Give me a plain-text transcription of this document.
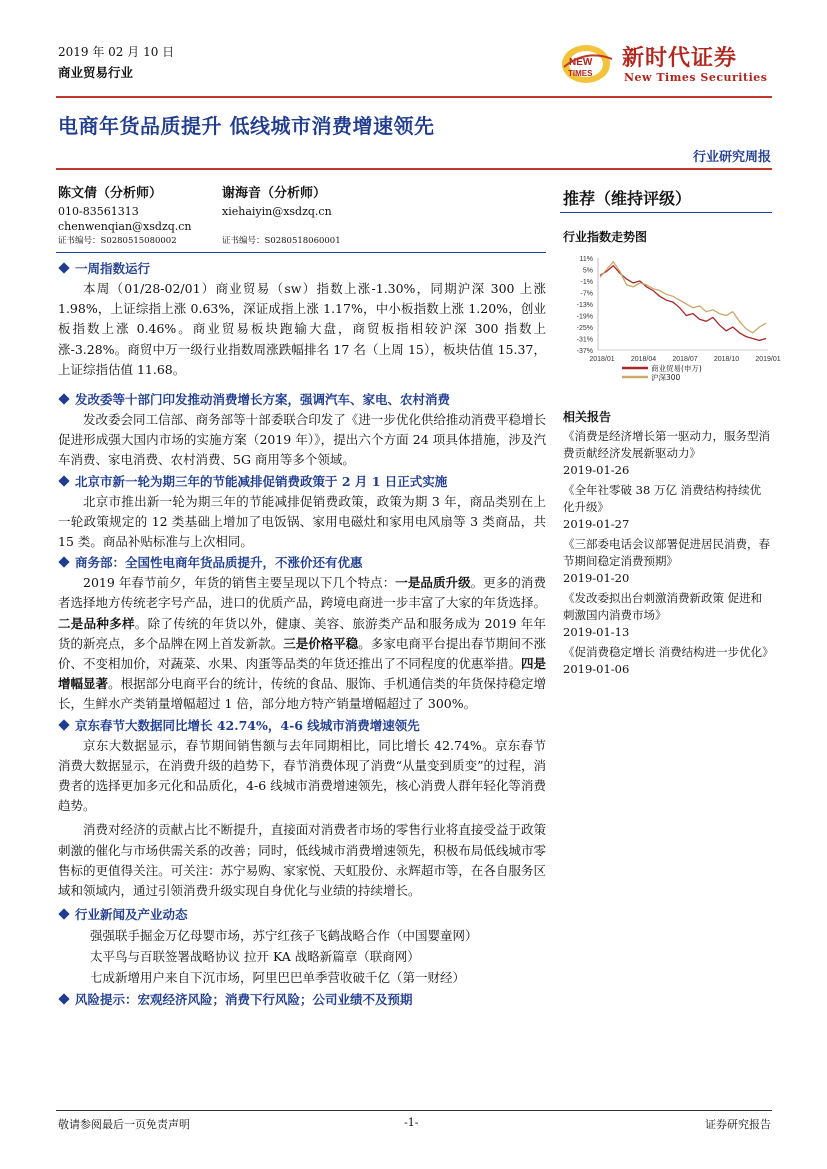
2019 年 02 月 10 日
商业贸易行业
NEW
TIMES
新时代证券
New Times Securities
电商年货品质提升 低线城市消费增速领先
行业研究周报
陈文倩（分析师）
010-83561313
chenwenqian@xsdzq.cn
证书编号：S0280515080002
谢海音（分析师）
xiehaiyin@xsdzq.cn
证书编号：S0280518060001
一周指数运行
本周（01/28-02/01）商业贸易（sw）指数上涨-1.30%，同期沪深 300 上涨 1.98%，上证综指上涨 0.63%，深证成指上涨 1.17%，中小板指数上涨 1.20%，创业板指数上涨 0.46%。商业贸易板块跑输大盘，商贸板指相较沪深 300 指数上涨-3.28%。商贸中万一级行业指数周涨跌幅排名 17 名（上周 15），板块估值 15.37，上证综指估值 11.68。
发改委等十部门印发推动消费增长方案，强调汽车、家电、农村消费
发改委会同工信部、商务部等十部委联合印发了《进一步优化供给推动消费平稳增长促进形成强大国内市场的实施方案（2019 年）》，提出六个方面 24 项具体措施，涉及汽车消费、家电消费、农村消费、5G 商用等多个领域。
北京市新一轮为期三年的节能减排促销费政策于 2 月 1 日正式实施
北京市推出新一轮为期三年的节能减排促销费政策，政策为期 3 年，商品类别在上一轮政策规定的 12 类基础上增加了电饭锅、家用电磁灶和家用电风扇等 3 类商品，共 15 类。商品补贴标准与上次相同。
商务部：全国性电商年货品质提升，不涨价还有优惠
2019 年春节前夕，年货的销售主要呈现以下几个特点：一是品质升级。更多的消费者选择地方传统老字号产品，进口的优质产品，跨境电商进一步丰富了大家的年货选择。二是品种多样。除了传统的年货以外，健康、美容、旅游类产品和服务成为 2019 年年货的新亮点，多个品牌在网上首发新款。三是价格平稳。多家电商平台提出春节期间不涨价、不变相加价，对蔬菜、水果、肉蛋等品类的年货还推出了不同程度的优惠举措。四是增幅显著。根据部分电商平台的统计，传统的食品、服饰、手机通信类的年货保持稳定增长，生鲜水产类销量增幅超过 1 倍，部分地方特产销量增幅超过了 300%。
京东春节大数据同比增长 42.74%，4-6 线城市消费增速领先
京东大数据显示，春节期间销售额与去年同期相比，同比增长 42.74%。京东春节消费大数据显示，在消费升级的趋势下，春节消费体现了消费“从量变到质变”的过程，消费者的选择更加多元化和品质化，4-6 线城市消费增速领先，核心消费人群年轻化等消费趋势。
消费对经济的贡献占比不断提升，直接面对消费者市场的零售行业将直接受益于政策刺激的催化与市场供需关系的改善；同时，低线城市消费增速领先，积极布局低线城市零售标的更值得关注。可关注：苏宁易购、家家悦、天虹股份、永辉超市等，在各自服务区域和领域内，通过引领消费升级实现自身优化与业绩的持续增长。
行业新闻及产业动态
强强联手掘金万亿母婴市场，苏宁红孩子飞鹤战略合作（中国婴童网）
太平鸟与百联签署战略协议 拉开 KA 战略新篇章（联商网）
七成新增用户来自下沉市场，阿里巴巴单季营收破千亿（第一财经）
风险提示：宏观经济风险；消费下行风险；公司业绩不及预期
推荐（维持评级）
行业指数走势图
11%
5%
-1%
-7%
-13%
-19%
-25%
-31%
-37%
2018/01 2018/04 2018/07 2018/10 2019/01
商业贸易(申万)
沪深300
相关报告
《消费是经济增长第一驱动力，服务型消费贡献经济发展新驱动力》
2019-01-26
《全年社零破 38 万亿 消费结构持续优化升级》
2019-01-27
《三部委电话会议部署促进居民消费，春节期间稳定消费预期》
2019-01-20
《发改委拟出台刺激消费新政策 促进和刺激国内消费市场》
2019-01-13
《促消费稳定增长 消费结构进一步优化》
2019-01-06
敬请参阅最后一页免责声明	-1-	证券研究报告
